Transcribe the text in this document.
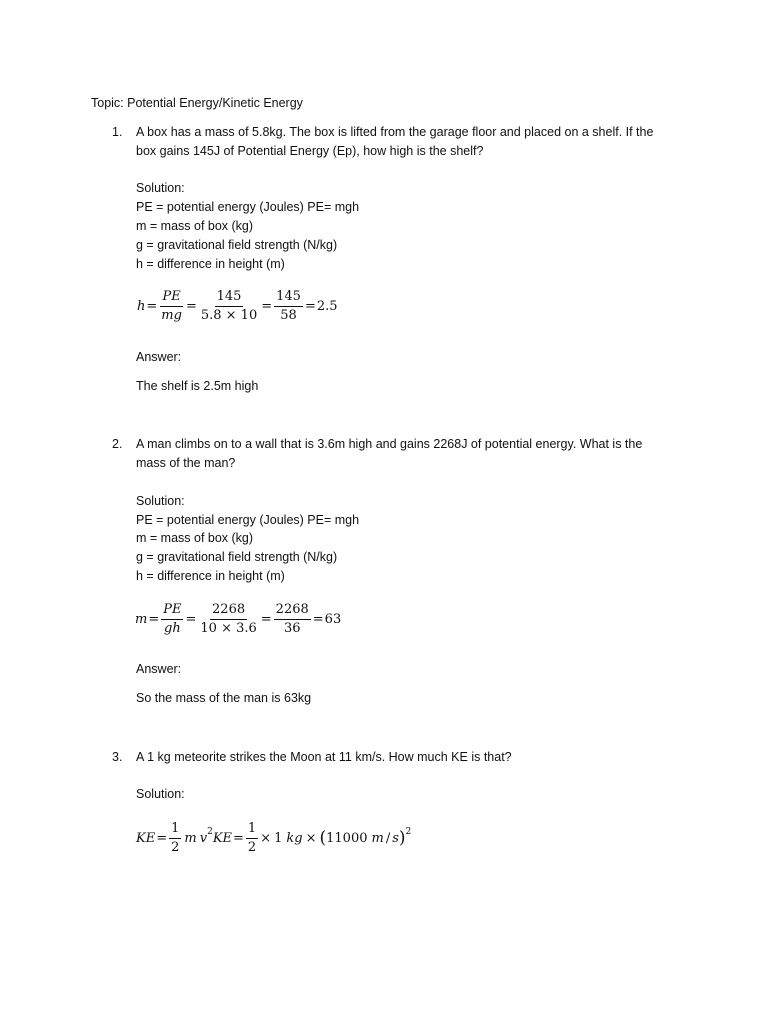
Topic: Potential Energy/Kinetic Energy
1. A box has a mass of 5.8kg. The box is lifted from the garage floor and placed on a shelf. If the
box gains 145J of Potential Energy (Ep), how high is the shelf?
Solution:
PE = potential energy (Joules) PE= mgh
m = mass of box (kg)
g = gravitational field strength (N/kg)
h = difference in height (m)
$h = \frac{PE}{mg} = \frac{145}{5.8 \times 10} = \frac{145}{58} = 2.5$
Answer:
The shelf is 2.5m high
2. A man climbs on to a wall that is 3.6m high and gains 2268J of potential energy. What is the
mass of the man?
Solution:
PE = potential energy (Joules) PE= mgh
m = mass of box (kg)
g = gravitational field strength (N/kg)
h = difference in height (m)
$m = \frac{PE}{gh} = \frac{2268}{10 \times 3.6} = \frac{2268}{36} = 63$
Answer:
So the mass of the man is 63kg
3. A 1 kg meteorite strikes the Moon at 11 km/s. How much KE is that?
Solution:
KE = $\frac{1}{2}$ m v 2 KE = $\frac{1}{2} \times 1$ kg × ( 11000 m / s ) 2
